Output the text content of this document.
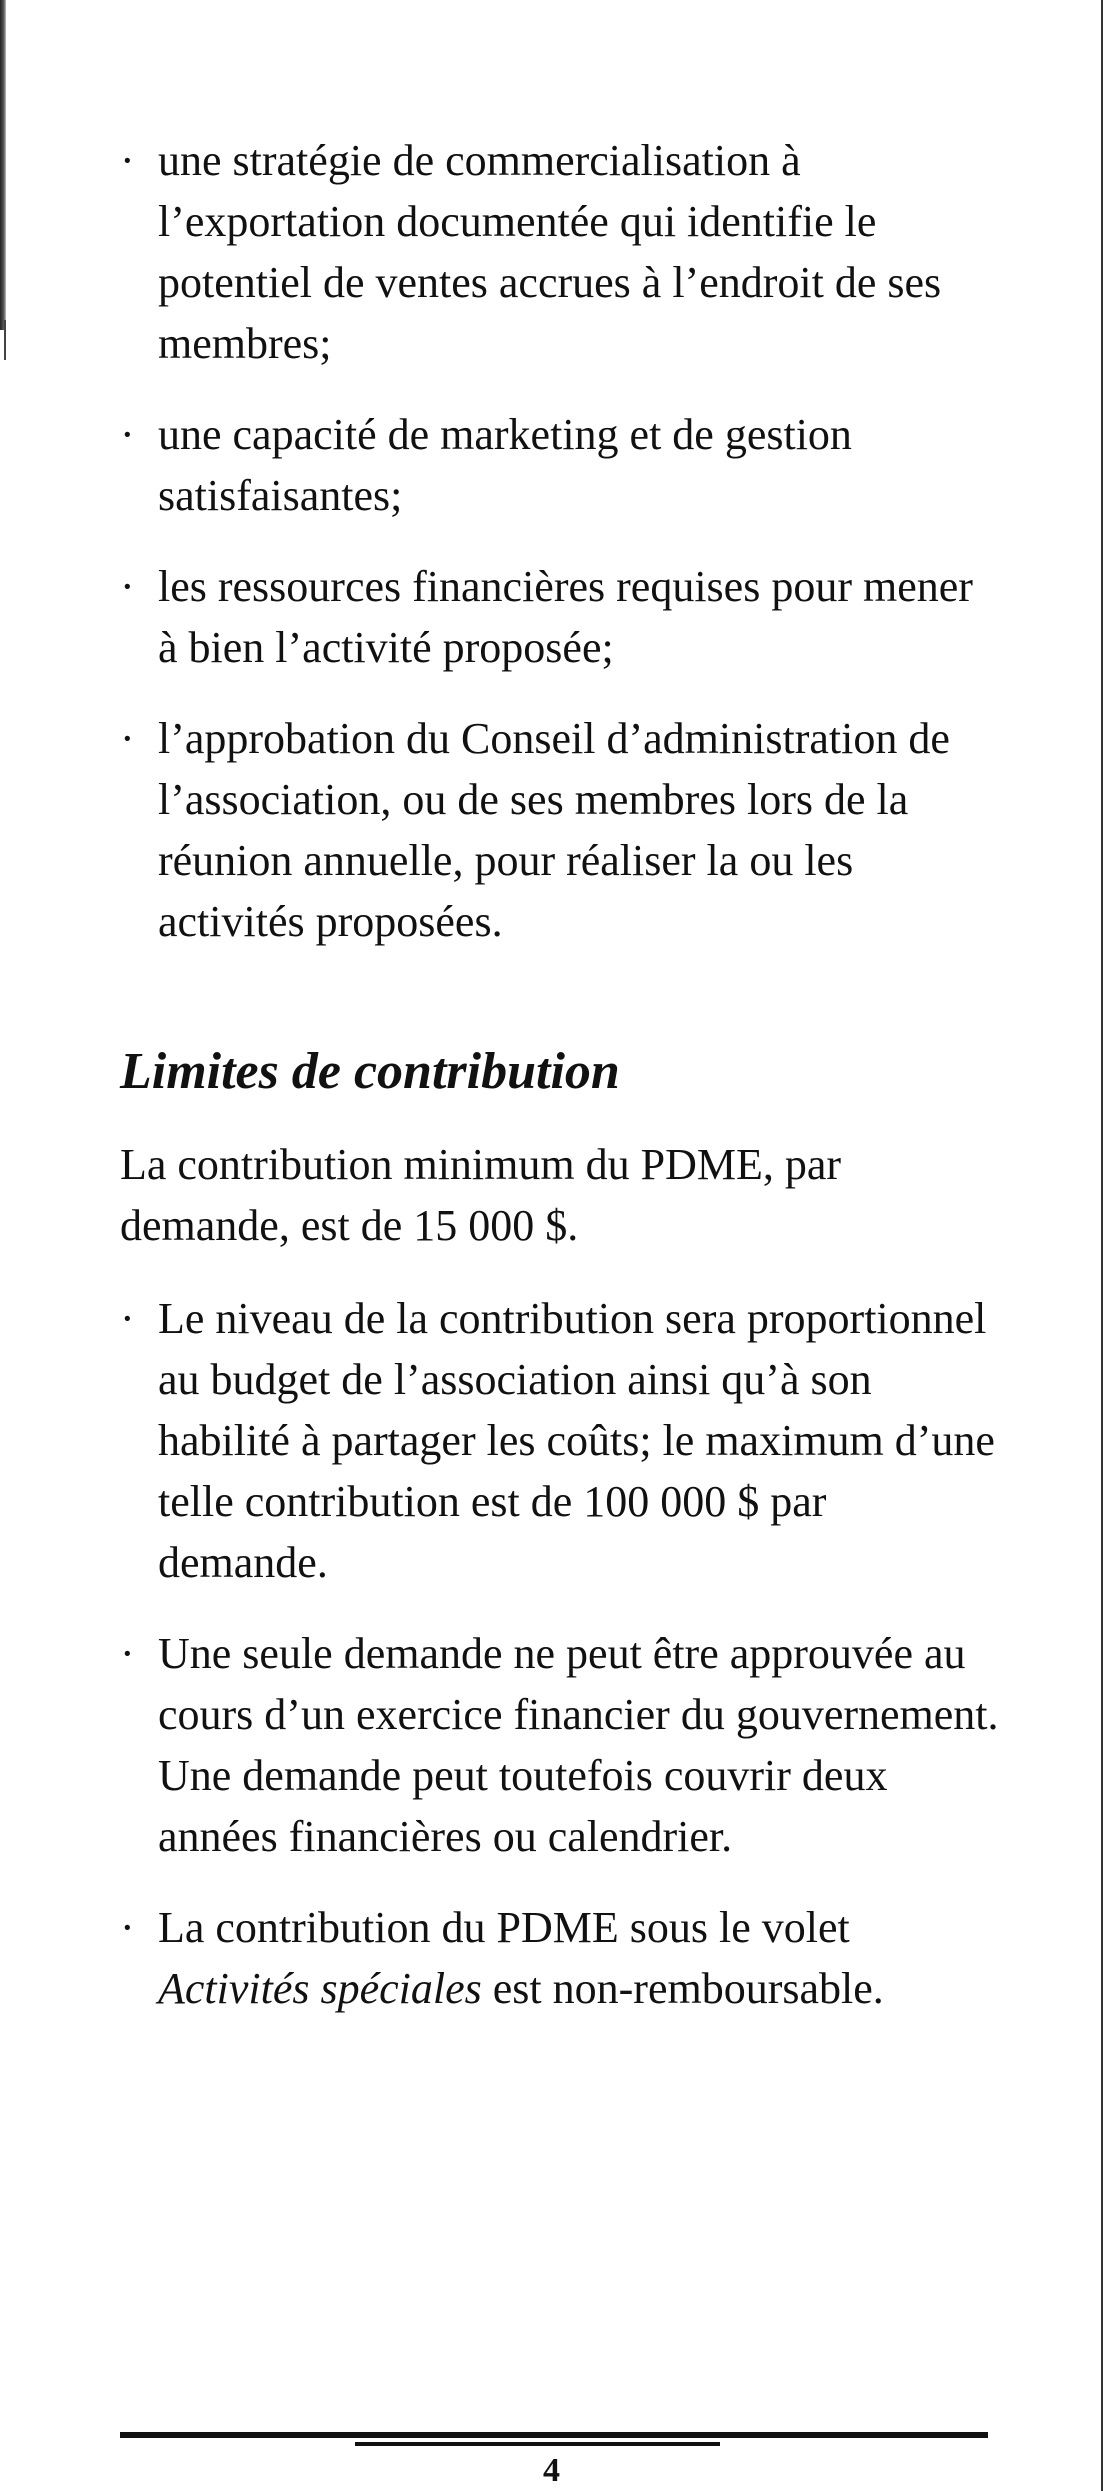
· une stratégie de commercialisation à l’exportation documentée qui identifie le potentiel de ventes accrues à l’endroit de ses membres;
· une capacité de marketing et de gestion satisfaisantes;
· les ressources financières requises pour mener à bien l’activité proposée;
· l’approbation du Conseil d’administration de l’association, ou de ses membres lors de la réunion annuelle, pour réaliser la ou les activités proposées.
Limites de contribution

La contribution minimum du PDME, par demande, est de 15 000 $.

· Le niveau de la contribution sera proportionnel au budget de l’association ainsi qu’à son habilité à partager les coûts; le maximum d’une telle contribution est de 100 000 $ par demande.
· Une seule demande ne peut être approuvée au cours d’un exercice financier du gouvernement. Une demande peut toutefois couvrir deux années financières ou calendrier.
· La contribution du PDME sous le volet Activités spéciales est non-remboursable.
4
